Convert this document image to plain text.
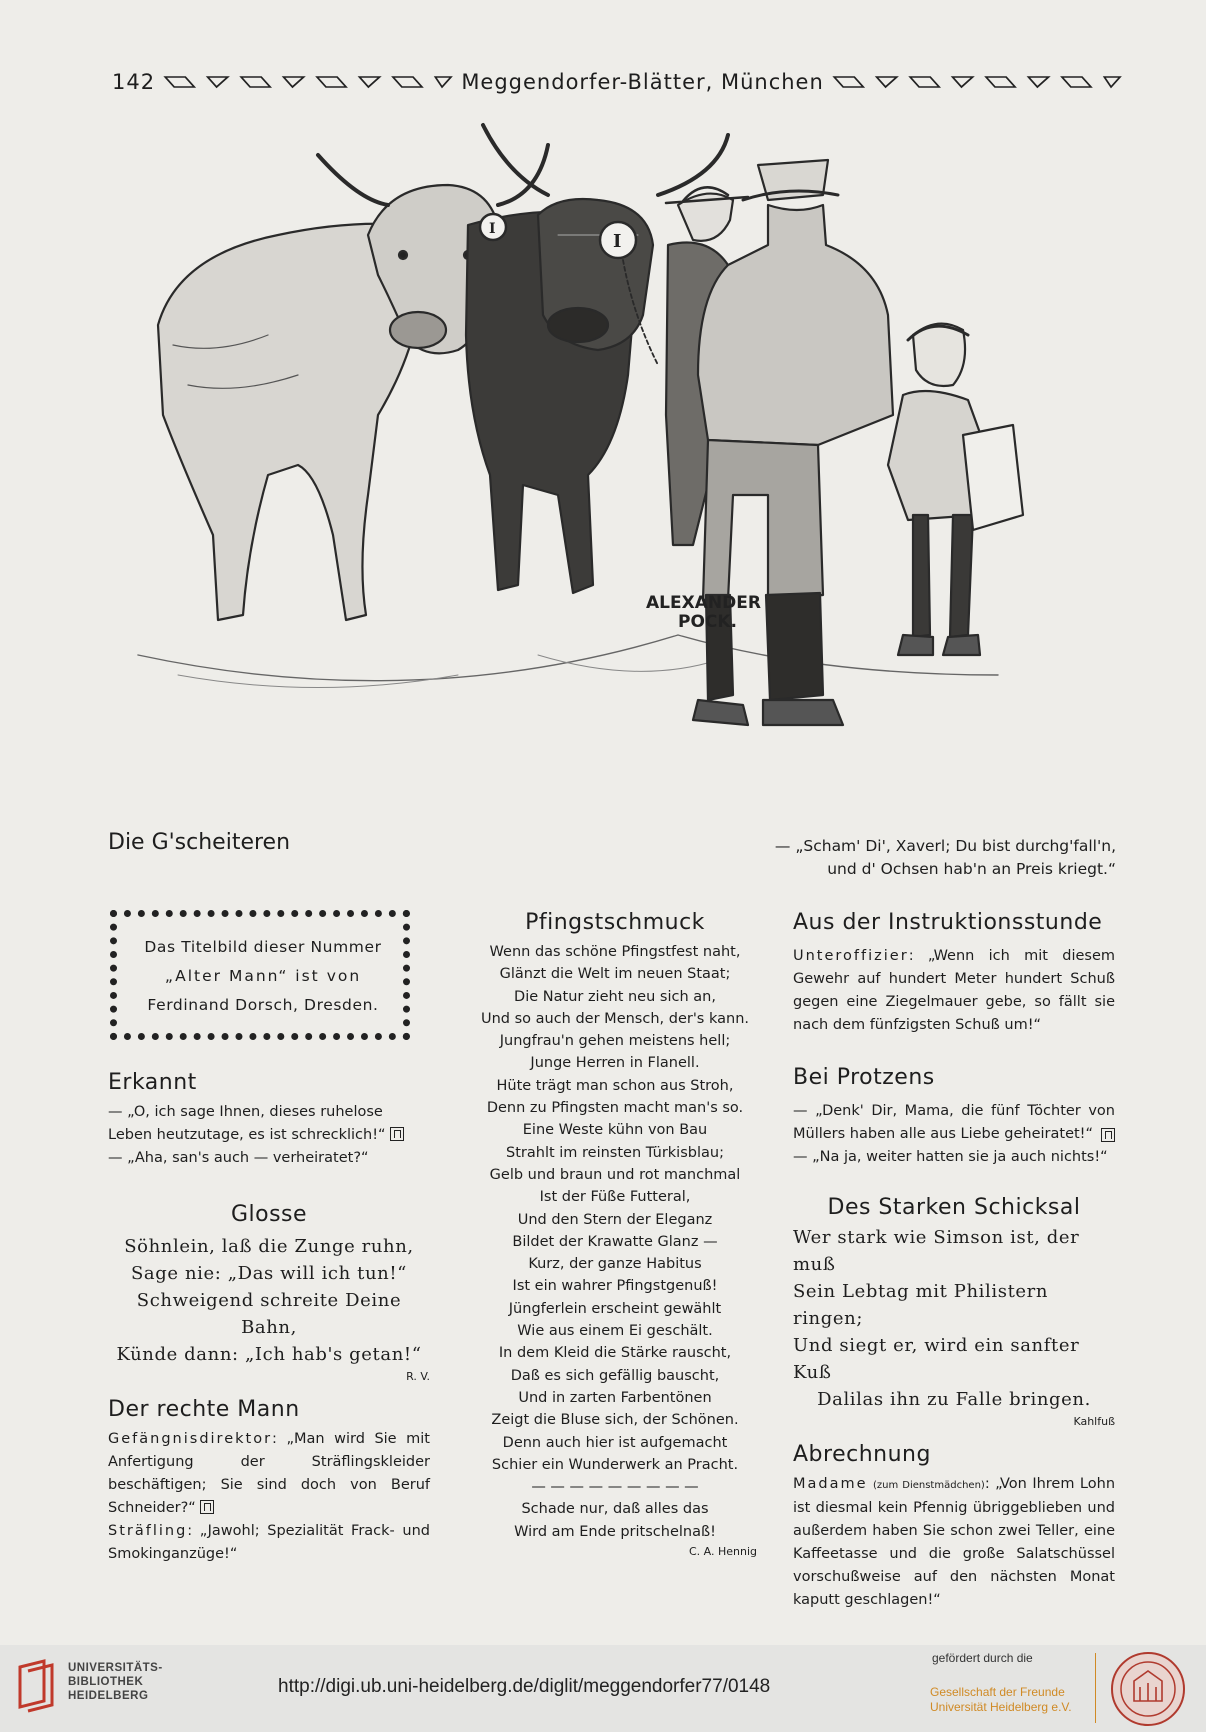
142	Meggendorfer-Blätter, München
ALEXANDER
POCK.
I
I
Die G'scheiteren	— „Scham' Di', Xaverl; Du bist durchg'fall'n,
und d' Ochsen hab'n an Preis kriegt.“
Das Titelbild dieser Nummer
„Alter Mann“ ist von
Ferdinand Dorsch, Dresden.
Erkannt
— „O, ich sage Ihnen, dieses ruhelose
Leben heutzutage, es ist schrecklich!“
— „Aha, san's auch — verheiratet?“
Glosse
Söhnlein, laß die Zunge ruhn,
Sage nie: „Das will ich tun!“
Schweigend schreite Deine Bahn,
Künde dann: „Ich hab's getan!“
R. V.
Der rechte Mann
Gefängnisdirektor: „Man wird Sie mit Anfertigung der Sträflingskleider beschäftigen; Sie sind doch von Beruf Schneider?“
Sträfling: „Jawohl; Spezialität Frack- und Smokinganzüge!“
Pfingstschmuck
Wenn das schöne Pfingstfest naht,
Glänzt die Welt im neuen Staat;
Die Natur zieht neu sich an,
Und so auch der Mensch, der's kann.
Jungfrau'n gehen meistens hell;
Junge Herren in Flanell.
Hüte trägt man schon aus Stroh,
Denn zu Pfingsten macht man's so.
Eine Weste kühn von Bau
Strahlt im reinsten Türkisblau;
Gelb und braun und rot manchmal
Ist der Füße Futteral,
Und den Stern der Eleganz
Bildet der Krawatte Glanz —
Kurz, der ganze Habitus
Ist ein wahrer Pfingstgenuß!
Jüngferlein erscheint gewählt
Wie aus einem Ei geschält.
In dem Kleid die Stärke rauscht,
Daß es sich gefällig bauscht,
Und in zarten Farbentönen
Zeigt die Bluse sich, der Schönen.
Denn auch hier ist aufgemacht
Schier ein Wunderwerk an Pracht.
— — — — — — — — —
Schade nur, daß alles das
Wird am Ende pritschelnaß!
C. A. Hennig
Aus der Instruktionsstunde
Unteroffizier: „Wenn ich mit diesem Gewehr auf hundert Meter hundert Schuß gegen eine Ziegelmauer gebe, so fällt sie nach dem fünfzigsten Schuß um!“
Bei Protzens
— „Denk' Dir, Mama, die fünf Töchter von Müllers haben alle aus Liebe geheiratet!“
— „Na ja, weiter hatten sie ja auch nichts!“
Des Starken Schicksal
Wer stark wie Simson ist, der muß
Sein Lebtag mit Philistern ringen;
Und siegt er, wird ein sanfter Kuß
Dalilas ihn zu Falle bringen.
Kahlfuß
Abrechnung
Madame (zum Dienstmädchen): „Von Ihrem Lohn ist diesmal kein Pfennig übriggeblieben und außerdem haben Sie schon zwei Teller, eine Kaffeetasse und die große Salatschüssel vorschußweise auf den nächsten Monat kaputt geschlagen!“
UNIVERSITÄTS-
BIBLIOTHEK
HEIDELBERG	http://digi.ub.uni-heidelberg.de/diglit/meggendorfer77/0148
gefördert durch die
Gesellschaft der Freunde
Universität Heidelberg e.V.
